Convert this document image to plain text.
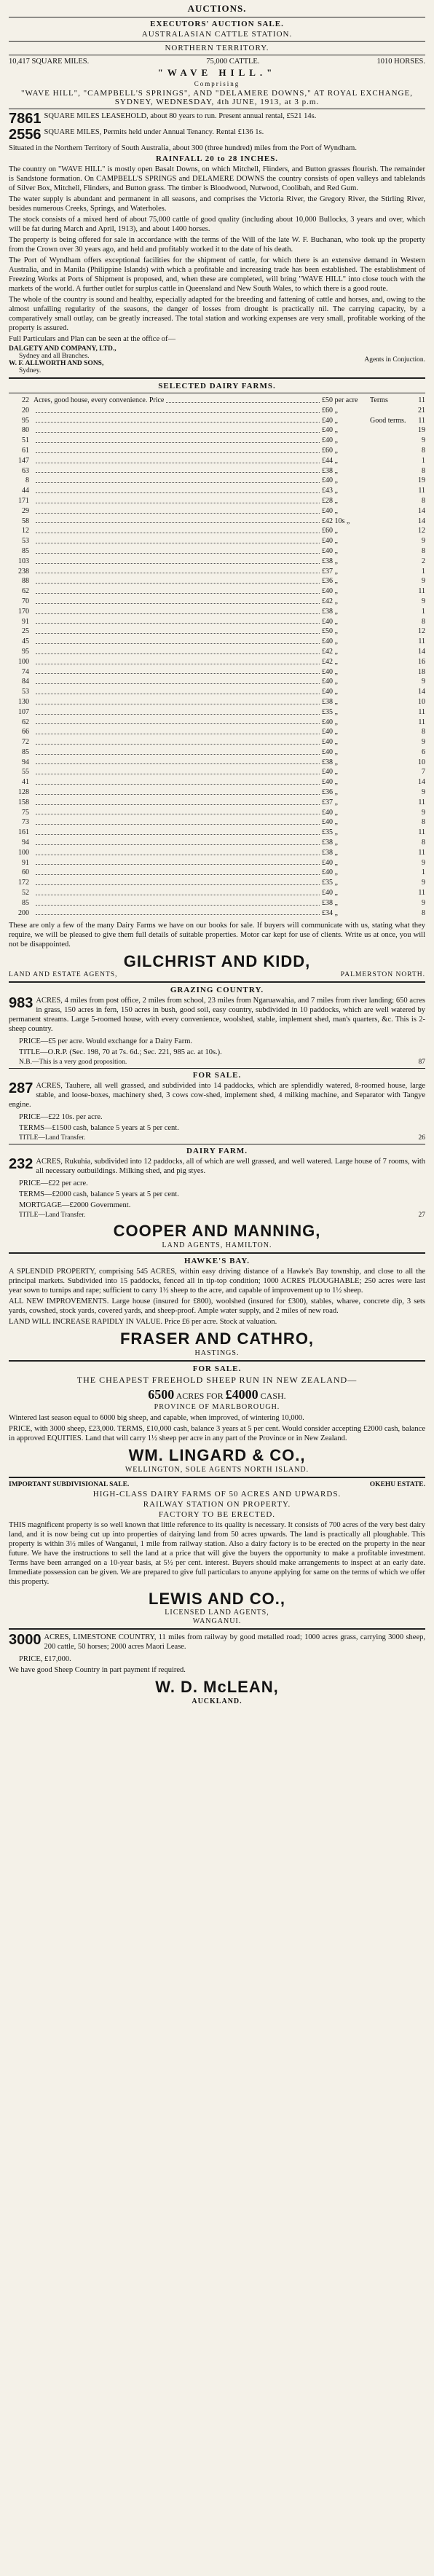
AUCTIONS.
EXECUTORS' AUCTION SALE.
AUSTRALASIAN CATTLE STATION.
NORTHERN TERRITORY.
10,417 SQUARE MILES.	75,000 CATTLE.	1010 HORSES.
"WAVE HILL."
Comprising
"WAVE HILL", "CAMPBELL'S SPRINGS", AND "DELAMERE DOWNS," AT ROYAL EXCHANGE, SYDNEY, WEDNESDAY, 4th JUNE, 1913, at 3 p.m.
7861 SQUARE MILES LEASEHOLD, about 80 years to run. Present annual rental, £521 14s.

2556 SQUARE MILES, Permits held under Annual Tenancy. Rental £136 1s.

Situated in the Northern Territory of South Australia, about 300 (three hundred) miles from the Port of Wyndham.

RAINFALL 20 to 28 INCHES.

The country on "WAVE HILL" is mostly open Basalt Downs, on which Mitchell, Flinders, and Button grasses flourish. The remainder is Sandstone formation. On CAMPBELL'S SPRINGS and DELAMERE DOWNS the country consists of open valleys and tablelands of Silver Box, Mitchell, Flinders, and Button grass. The timber is Bloodwood, Nutwood, Coolibah, and Red Gum.

The water supply is abundant and permanent in all seasons, and comprises the Victoria River, the Gregory River, the Stirling River, besides numerous Creeks, Springs, and Waterholes.

The stock consists of a mixed herd of about 75,000 cattle of good quality (including about 10,000 Bullocks, 3 years and over, which will be fat during March and April, 1913), and about 1400 horses.

The property is being offered for sale in accordance with the terms of the Will of the late W. F. Buchanan, who took up the property from the Crown over 30 years ago, and held and profitably worked it to the date of his death.

The Port of Wyndham offers exceptional facilities for the shipment of cattle, for which there is an extensive demand in Western Australia, and in Manila (Philippine Islands) with which a profitable and increasing trade has been established. The establishment of Freezing Works at Ports of Shipment is proposed, and, when these are completed, will bring "WAVE HILL" into close touch with the markets of the world. A further outlet for surplus cattle in Queensland and New South Wales, to which there is a good route.

The whole of the country is sound and healthy, especially adapted for the breeding and fattening of cattle and horses, and, owing to the almost unfailing regularity of the seasons, the danger of losses from drought is practically nil. The carrying capacity, by a comparatively small outlay, can be greatly increased. The total station and working expenses are very small, profitable working of the property is assured.

Full Particulars and Plan can be seen at the office of—

DALGETY AND COMPANY, LTD.,
Sydney and all Branches.
W. F. ALLWORTH AND SONS,
Sydney.
Agents in Conjuction.
SELECTED DAIRY FARMS.
22 Acres, good house, every convenience. Price	£50 per acre	Terms	11
20	£60 „	21
95	£40 „	Good terms.	11
80	£40 „	19
51	£40 „	9
61	£60 „	8
147	£44 „	1
63	£38 „	8
8	£40 „	19
44	£43 „	11
171	£28 „	8
29	£40 „	14
58	£42 10s „	14
12	£60 „	12
53	£40 „	9
85	£40 „	8
103	£38 „	2
238	£37 „	1
88	£36 „	9
62	£40 „	11
70	£42 „	9
170	£38 „	1
91	£40 „	8
25	£50 „	12
45	£40 „	11
95	£42 „	14
100	£42 „	16
74	£40 „	18
84	£40 „	9
53	£40 „	14
130	£38 „	10
107	£35 „	11
62	£40 „	11
66	£40 „	8
72	£40 „	9
85	£40 „	6
94	£38 „	10
55	£40 „	7
41	£40 „	14
128	£36 „	9
158	£37 „	11
75	£40 „	9
73	£40 „	8
161	£35 „	11
94	£38 „	8
100	£38 „	11
91	£40 „	9
60	£40 „	1
172	£35 „	9
52	£40 „	11
85	£38 „	9
200	£34 „	8

These are only a few of the many Dairy Farms we have on our books for sale. If buyers will communicate with us, stating what they require, we will be pleased to give them full details of suitable properties. Motor car kept for use of clients. Write us at once, you will not be disappointed.

GILCHRIST AND KIDD,
LAND AND ESTATE AGENTS,	PALMERSTON NORTH.
GRAZING COUNTRY.
983 ACRES, 4 miles from post office, 2 miles from school, 23 miles from Ngaruawahia, and 7 miles from river landing; 650 acres in grass, 150 acres in fern, 150 acres in bush, good soil, easy country, subdivided in 10 paddocks, which are well watered by permanent streams. Large 5-roomed house, with every convenience, woolshed, stable, implement shed, man's quarters, &c. This is 2-sheep country.

PRICE—£5 per acre. Would exchange for a Dairy Farm.

TITLE—O.R.P. (Sec. 198, 70 at 7s. 6d.; Sec. 221, 985 ac. at 10s.).

N.B.—This is a very good proposition.	87
FOR SALE.
287 ACRES, Tauhere, all well grassed, and subdivided into 14 paddocks, which are splendidly watered, 8-roomed house, large stable, and loose-boxes, machinery shed, 3 cows cow-shed, implement shed, 4 milking machine, and Separator with Tangye engine.

PRICE—£22 10s. per acre.

TERMS—£1500 cash, balance 5 years at 5 per cent.

TITLE—Land Transfer.	26
DAIRY FARM.
232 ACRES, Rukuhia, subdivided into 12 paddocks, all of which are well grassed, and well watered. Large house of 7 rooms, with all necessary outbuildings. Milking shed, and pig styes.

PRICE—£22 per acre.

TERMS—£2000 cash, balance 5 years at 5 per cent.

MORTGAGE—£2000 Government.

TITLE—Land Transfer.	27
COOPER AND MANNING,
LAND AGENTS, HAMILTON.
HAWKE'S BAY.

A SPLENDID PROPERTY, comprising 545 ACRES, within easy driving distance of a Hawke's Bay township, and close to all the principal markets. Subdivided into 15 paddocks, fenced all in tip-top condition; 1000 ACRES PLOUGHABLE; 250 acres were last year sown to turnips and rape; sufficient to carry 1½ sheep to the acre, and capable of improvement up to 1½ sheep.

ALL NEW IMPROVEMENTS. Large house (insured for £800), woolshed (insured for £300), stables, wharee, concrete dip, 3 sets yards, cowshed, stock yards, covered yards, and sheep-proof. Ample water supply, and 2 miles of new road.

LAND WILL INCREASE RAPIDLY IN VALUE. Price £6 per acre. Stock at valuation.

FRASER AND CATHRO,
HASTINGS.
FOR SALE.
THE CHEAPEST FREEHOLD SHEEP RUN IN NEW ZEALAND—
6500 ACRES FOR £4000 CASH.
PROVINCE OF MARLBOROUGH.

Wintered last season equal to 6000 big sheep, and capable, when improved, of wintering 10,000.

PRICE, with 3000 sheep, £23,000. TERMS, £10,000 cash, balance 3 years at 5 per cent. Would consider accepting £2000 cash, balance in approved EQUITIES. Land that will carry 1½ sheep per acre in any part of the Province or in New Zealand.

WM. LINGARD & CO.,
WELLINGTON, SOLE AGENTS NORTH ISLAND.
IMPORTANT SUBDIVISIONAL SALE.	OKEHU ESTATE.
HIGH-CLASS DAIRY FARMS OF 50 ACRES AND UPWARDS.
RAILWAY STATION ON PROPERTY.
FACTORY TO BE ERECTED.

THIS magnificent property is so well known that little reference to its quality is necessary. It consists of 700 acres of the very best dairy land, and it is now being cut up into properties of dairying land from 50 acres upwards. The land is practically all ploughable. This property is within 3½ miles of Wanganui, 1 mile from railway station. Also a dairy factory is to be erected on the property in the near future. We have the instructions to sell the land at a price that will give the buyers the opportunity to make a profitable investment. Terms have been arranged on a 10-year basis, at 5½ per cent. interest. Buyers should make arrangements to inspect at an early date. Immediate possession can be given. We are prepared to give full particulars to anyone applying for same on the terms of which we offer this property.

LEWIS AND CO.,
LICENSED LAND AGENTS,
WANGANUI.
3000 ACRES, LIMESTONE COUNTRY, 11 miles from railway by good metalled road; 1000 acres grass, carrying 3000 sheep, 200 cattle, 50 horses; 2000 acres Maori Lease.

PRICE, £17,000.

We have good Sheep Country in part payment if required.

W. D. McLEAN,
AUCKLAND.
